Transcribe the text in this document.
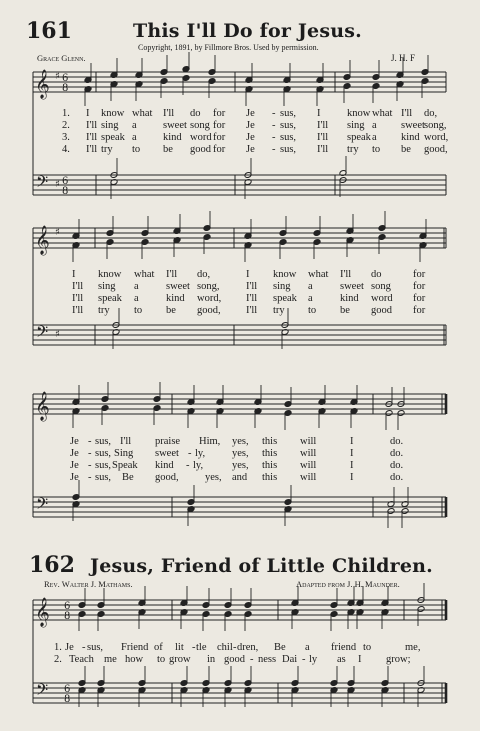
161	This I'll Do for Jesus.
Copyright, 1891, by Fillmore Bros. Used by permission.
Grace Glenn.	J. H. F
162 Jesus, Friend of Little Children.
Rev. Walter J. Mathams.	Adapted from J. H. Maunder.
𝄞
𝄢
♯
♯
6
8
6
8
𝄞
𝄢
♯
♯
𝄞
𝄢
𝄞
𝄢
6
8
6
8
1. I know what I'll do for Je - sus, I	know what I'll do,
2. I'll sing a	sweet song for Je - sus, I'll sing a sweet song,
3. I'll speak a	kind word for Je - sus, I'll speak a kind word,
4. I'll try to be good for Je - sus, I'll try to be good,
I know what I'll do,	I know what I'll do	for
I'll sing a	sweet song,	I'll sing a	sweet song for
I'll speak a	kind word, I'll speak a	kind word for
I'll try to be good, I'll try to be good for
Je - sus, I'll praise Him, yes, this will	I	do.
Je - sus, Sing sweet - ly,	yes, this will	I	do.
Je - sus, Speak kind - ly,	yes, this will	I	do.
Je - sus, Be good,	yes, and this will	I	do.
1. Je - sus, Friend of lit - tle chil - dren, Be a friend to	me,
2. Teach me how to grow in good - ness Dai - ly as I grow;
